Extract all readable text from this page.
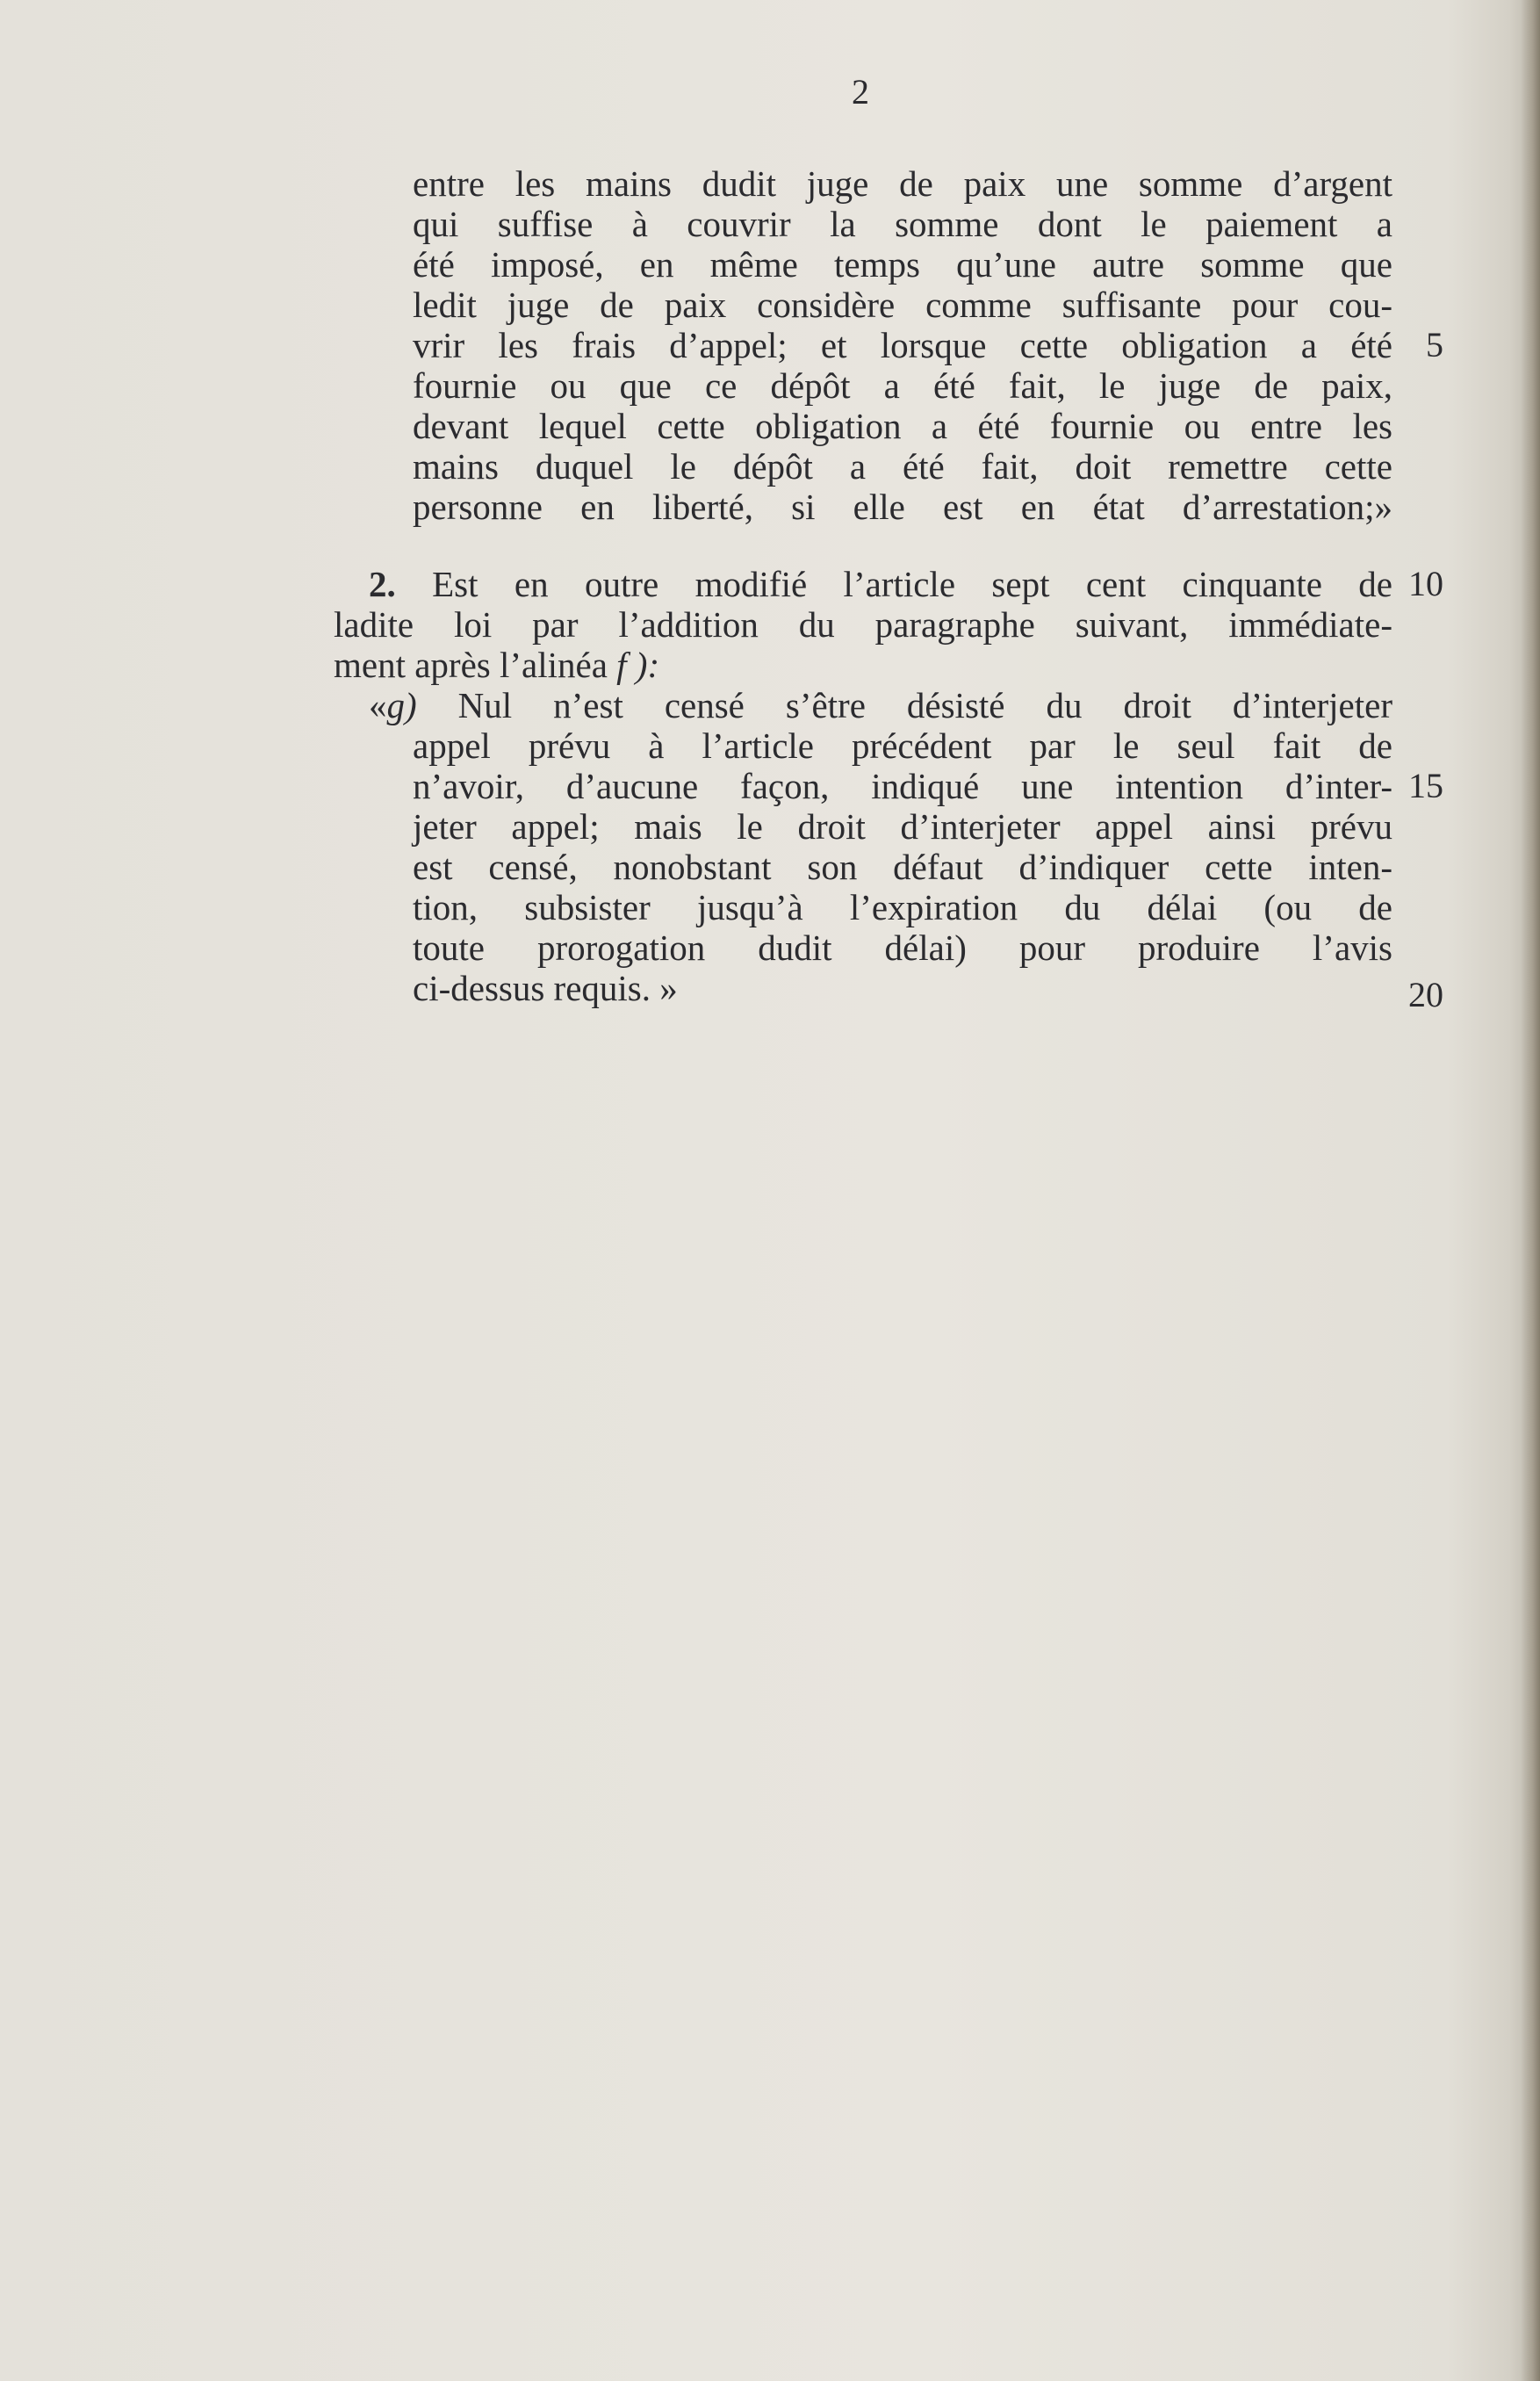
2
entre les mains dudit juge de paix une somme d’argent
qui suffise à couvrir la somme dont le paiement a
été imposé, en même temps qu’une autre somme que
ledit juge de paix considère comme suffisante pour cou-
vrir les frais d’appel; et lorsque cette obligation a été
fournie ou que ce dépôt a été fait, le juge de paix,
devant lequel cette obligation a été fournie ou entre les
mains duquel le dépôt a été fait, doit remettre cette
personne en liberté, si elle est en état d’arrestation;»
2. Est en outre modifié l’article sept cent cinquante de
ladite loi par l’addition du paragraphe suivant, immédiate-
ment après l’alinéa f ):
«g) Nul n’est censé s’être désisté du droit d’interjeter
appel prévu à l’article précédent par le seul fait de
n’avoir, d’aucune façon, indiqué une intention d’inter-
jeter appel; mais le droit d’interjeter appel ainsi prévu
est censé, nonobstant son défaut d’indiquer cette inten-
tion, subsister jusqu’à l’expiration du délai (ou de
toute prorogation dudit délai) pour produire l’avis
ci-dessus requis. »
5
10
15
20
